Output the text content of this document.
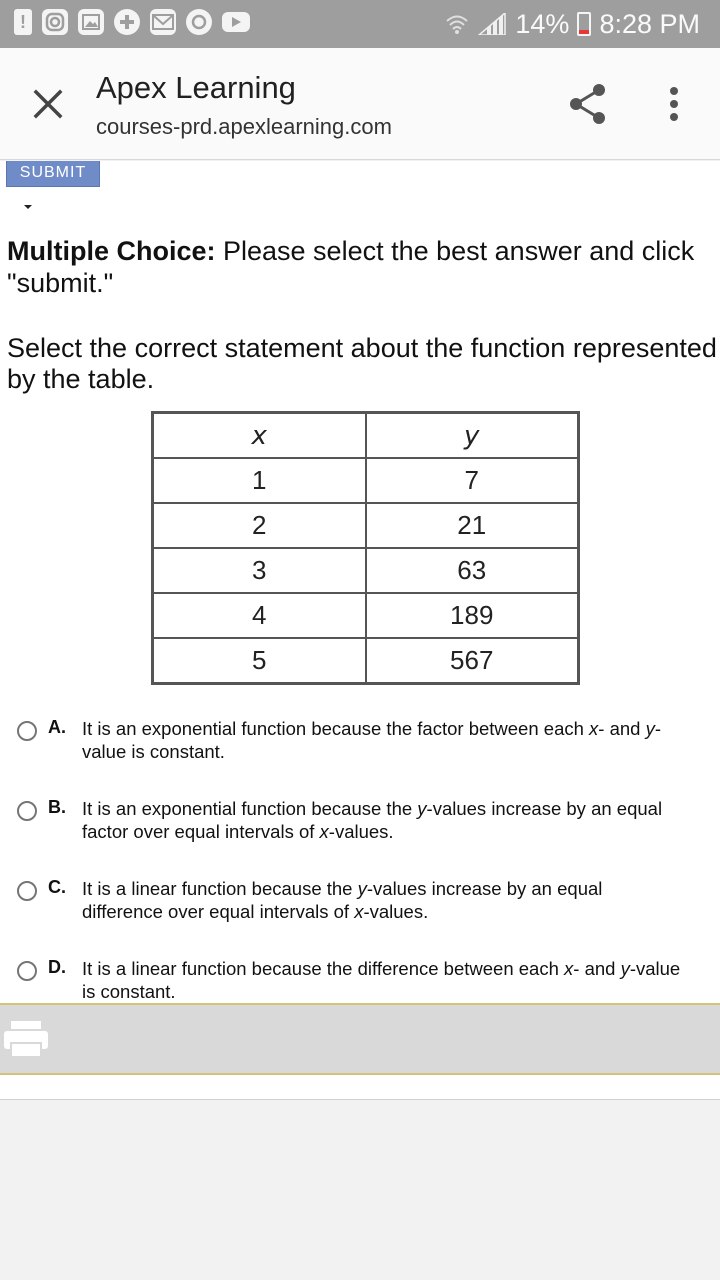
!	14% 8:28 PM
Apex Learning
courses-prd.apexlearning.com
SUBMIT
Multiple Choice: Please select the best answer and click "submit."
Select the correct statement about the function represented by the table.
x	y
1	7
2	21
3	63
4	189
5	567
A. It is an exponential function because the factor between each x- and y-
value is constant.
B. It is an exponential function because the y-values increase by an equal
factor over equal intervals of x-values.
C. It is a linear function because the y-values increase by an equal
difference over equal intervals of x-values.
D. It is a linear function because the difference between each x- and y-value
is constant.
